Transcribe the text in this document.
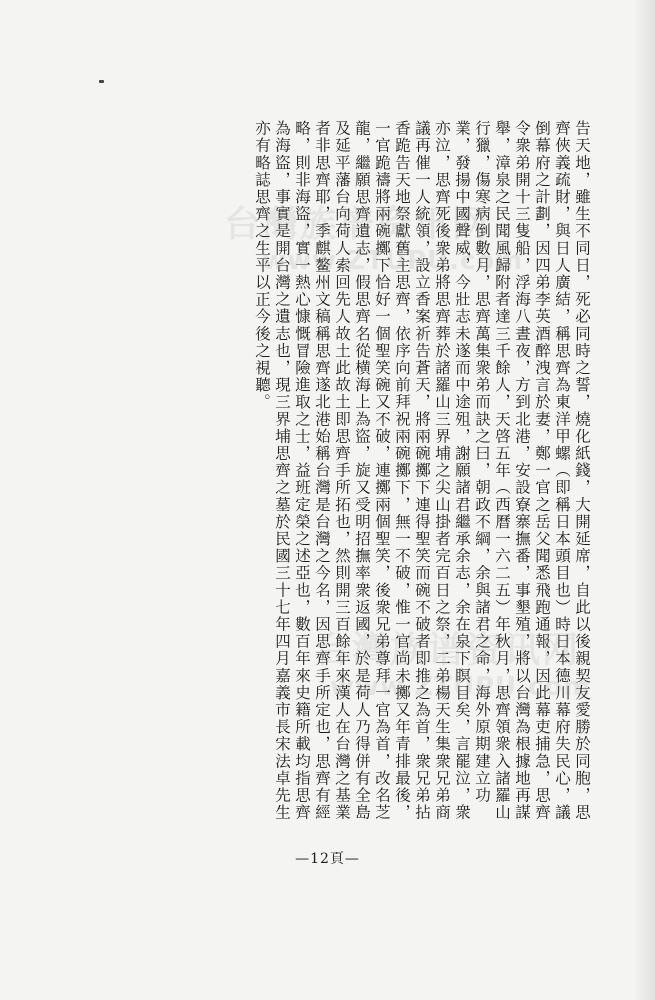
告天地，雖生不同日，死必同時之誓，燒化紙錢，大開延席，自此以後親契友愛勝於同胞，思齊俠義疏財，與日人廣結，稱思齊為東洋甲螺（即稱日本頭目也）時日本德川幕府失民心，議倒幕府之計劃，因四弟李英酒醉洩言於妻，鄭一官之岳父聞悉飛跑通報，因此幕吏捕急，思齊令衆弟開十三隻船，浮海八晝夜，方到北港，安設寮寨撫番，事墾殖，將以台灣為根據地再謀舉，漳泉之民聞風歸附者達三千餘人，天啓五年（西曆一六二五）年秋月，思齊領衆入諸羅山行獵，傷寒病倒數月，思齊萬集衆弟而訣之曰，朝政不綱，余與諸君之命，海外原期建立功業，發揚中國聲威，今壯志未遂而中途殂，謝願諸君繼承余志，余在泉下瞑目矣，言罷泣，衆亦泣，思齊死後衆弟將思齊葬於諸羅山三界埔之尖山掛者完百日之祭，二弟楊天生集衆兄弟商議再催一人統領，設立香案祈告蒼天，將兩碗擲下連得聖笑而碗不破者即推之為首，衆兄弟拈香跪告天地祭獻舊主思齊，依序向前拜祝兩碗擲下，無一不破，惟一官尚未擲又年青排最後，一官跪禱將兩碗擲下恰好一個聖笑碗又不破，連擲兩個聖笑，後衆兄弟尊拜一官為首，改名芝龍，繼願思齊遺志，假思齊名從横海上為盜，旋又受明招撫率衆返國，於是荷人乃得併有全島及延平藩台向荷人索回先人故土此故土即思齊手所拓也，然則開三百餘年來漢人在台灣之基業者非思齊耶，季麒鳌州文稿稱思齊遂北港始稱台灣是台灣之今名，因思齊手所定也，思齊有經略，則非海盜，實一熱心慷慨冒險進取之士，益班定榮之述亞也，數百年來史籍所載均指思齊為海盜，事實是開台灣之遺志也，現三界埔思齊之墓於民國三十七年四月嘉義市長宋法卓先生亦有略誌思齊之生平以正今後之視聽。

台灣族谱资讯网
www.ZTUPU.com
台灣族谱资讯网
www.ZTUPU.com
—12頁—
